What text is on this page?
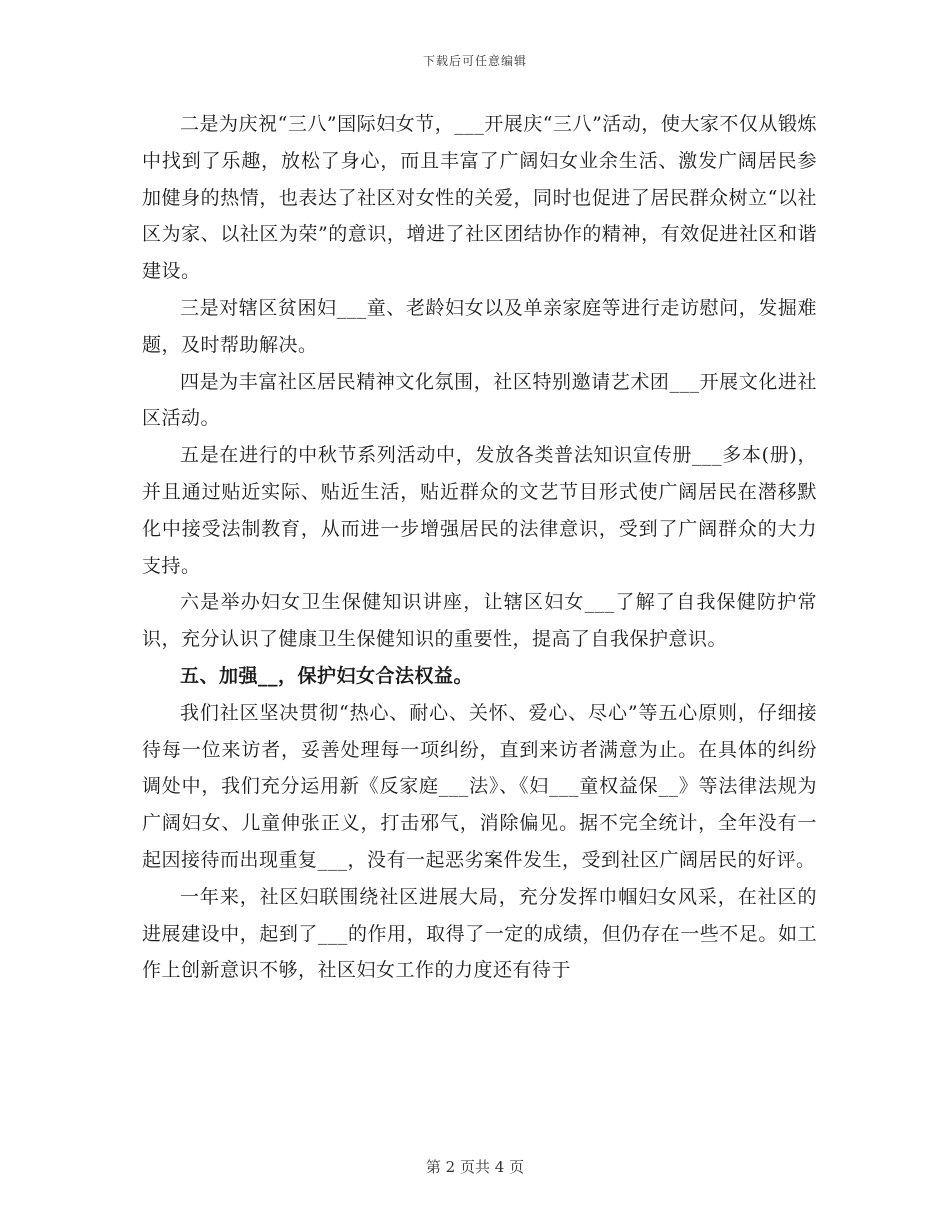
下载后可任意编辑

二是为庆祝“三八”国际妇女节，___开展庆“三八”活动，使大家不仅从锻炼中找到了乐趣，放松了身心，而且丰富了广阔妇女业余生活、激发广阔居民参加健身的热情，也表达了社区对女性的关爱，同时也促进了居民群众树立“以社区为家、以社区为荣”的意识，增进了社区团结协作的精神，有效促进社区和谐建设。

三是对辖区贫困妇___童、老龄妇女以及单亲家庭等进行走访慰问，发掘难题，及时帮助解决。

四是为丰富社区居民精神文化氛围，社区特别邀请艺术团___开展文化进社区活动。

五是在进行的中秋节系列活动中，发放各类普法知识宣传册___多本(册)，并且通过贴近实际、贴近生活，贴近群众的文艺节目形式使广阔居民在潜移默化中接受法制教育，从而进一步增强居民的法律意识，受到了广阔群众的大力支持。

六是举办妇女卫生保健知识讲座，让辖区妇女___了解了自我保健防护常识，充分认识了健康卫生保健知识的重要性，提高了自我保护意识。

五、加强__，保护妇女合法权益。

我们社区坚决贯彻“热心、耐心、关怀、爱心、尽心”等五心原则，仔细接待每一位来访者，妥善处理每一项纠纷，直到来访者满意为止。在具体的纠纷调处中，我们充分运用新《反家庭___法》、《妇___童权益保__》等法律法规为广阔妇女、儿童伸张正义，打击邪气，消除偏见。据不完全统计，全年没有一起因接待而出现重复___，没有一起恶劣案件发生，受到社区广阔居民的好评。

一年来，社区妇联围绕社区进展大局，充分发挥巾帼妇女风采，在社区的进展建设中，起到了___的作用，取得了一定的成绩，但仍存在一些不足。如工作上创新意识不够，社区妇女工作的力度还有待于

第 2 页共 4 页
